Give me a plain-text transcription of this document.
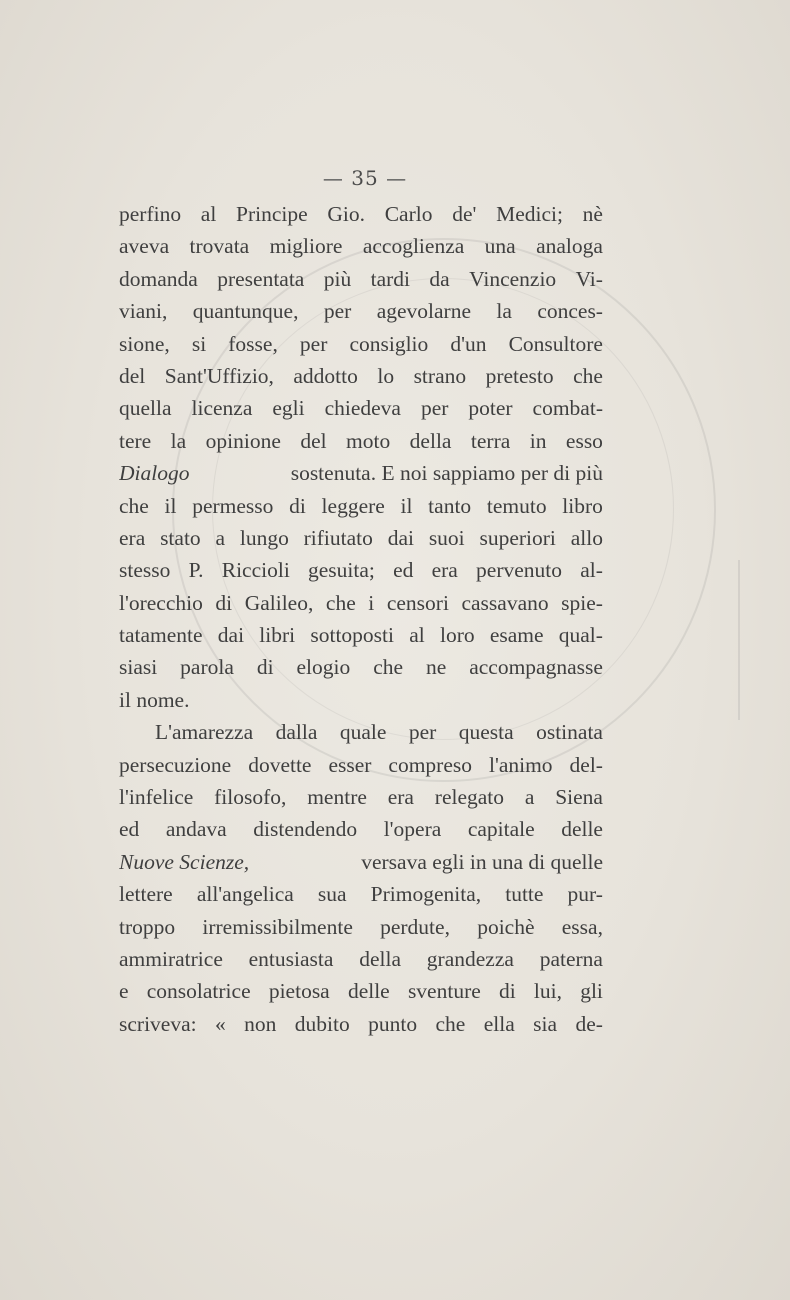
— 35 —
perfino al Principe Gio. Carlo de' Medici; nè
aveva trovata migliore accoglienza una analoga
domanda presentata più tardi da Vincenzio Vi-
viani, quantunque, per agevolarne la conces-
sione, si fosse, per consiglio d'un Consultore
del Sant'Uffizio, addotto lo strano pretesto che
quella licenza egli chiedeva per poter combat-
tere la opinione del moto della terra in esso
Dialogo	sostenuta. E noi sappiamo per di più
che il permesso di leggere il tanto temuto libro
era stato a lungo rifiutato dai suoi superiori allo
stesso P. Riccioli gesuita; ed era pervenuto al-
l'orecchio di Galileo, che i censori cassavano spie-
tatamente dai libri sottoposti al loro esame qual-
siasi parola di elogio che ne accompagnasse
il nome.
L'amarezza dalla quale per questa ostinata
persecuzione dovette esser compreso l'animo del-
l'infelice filosofo, mentre era relegato a Siena
ed andava distendendo l'opera capitale delle
Nuove Scienze,	versava egli in una di quelle
lettere all'angelica sua Primogenita, tutte pur-
troppo irremissibilmente perdute, poichè essa,
ammiratrice entusiasta della grandezza paterna
e consolatrice pietosa delle sventure di lui, gli
scriveva: « non dubito punto che ella sia de-
